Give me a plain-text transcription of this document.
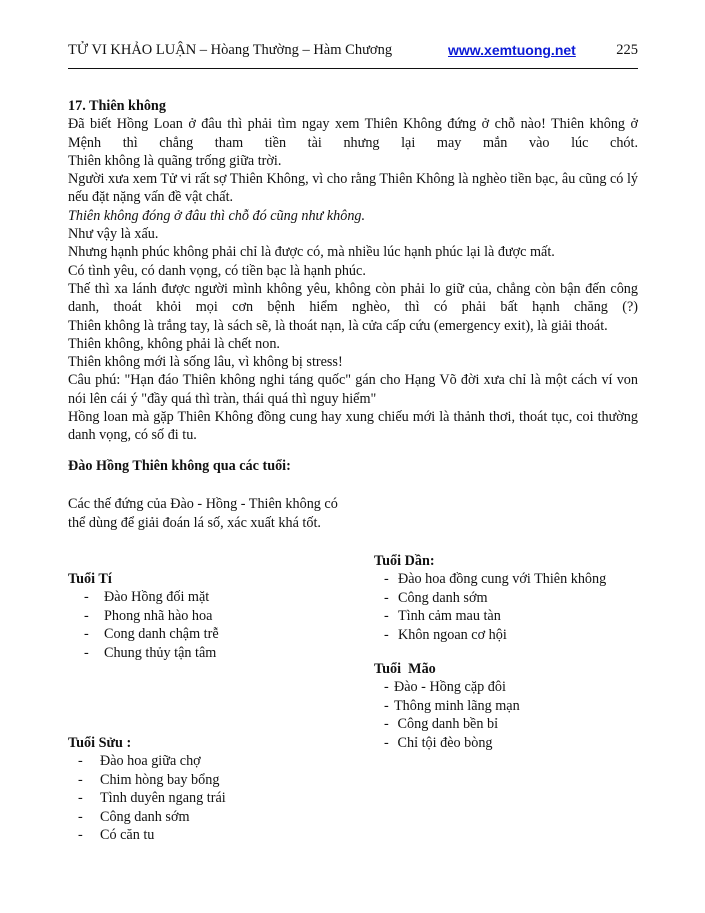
TỬ VI KHẢO LUẬN – Hòang Thường – Hàm Chương	www.xemtuong.net	225

17. Thiên không

Đã biết Hồng Loan ở đâu thì phải tìm ngay xem Thiên Không đứng ở chỗ nào! Thiên không ở

Mệnh thì chẳng tham tiền tài nhưng lại may mắn vào lúc chót.

Thiên không là quãng trống giữa trời.

Người xưa xem Tử vi rất sợ Thiên Không, vì cho rằng Thiên Không là nghèo tiền bạc, âu cũng có lý nếu đặt nặng vấn đề vật chất.

Thiên không đóng ở đâu thì chỗ đó cũng như không.

Như vậy là xấu.

Nhưng hạnh phúc không phải chỉ là được có, mà nhiều lúc hạnh phúc lại là được mất.

Có tình yêu, có danh vọng, có tiền bạc là hạnh phúc.

Thế thì xa lánh được người mình không yêu, không còn phải lo giữ của, chẳng còn bận đến công

danh, thoát khỏi mọi cơn bệnh hiểm nghèo, thì có phải bất hạnh chăng (?)

Thiên không là trắng tay, là sách sẽ, là thoát nạn, là cửa cấp cứu (emergency exit), là giải thoát.

Thiên không, không phải là chết non.

Thiên không mới là sống lâu, vì không bị stress!

Câu phú: "Hạn đáo Thiên không nghi táng quốc" gán cho Hạng Võ đời xưa chỉ là một cách ví von nói lên cái ý "đầy quá thì tràn, thái quá thì nguy hiểm"

Hồng loan mà gặp Thiên Không đồng cung hay xung chiếu mới là thảnh thơi, thoát tục, coi thường danh vọng, có số đi tu.

Đào Hồng Thiên không qua các tuổi:
Các thế đứng của Đào - Hồng - Thiên không có thể dùng để giải đoán lá số, xác xuất khá tốt.
Tuổi Tí
- Đào Hồng đối mặt
- Phong nhã hào hoa
- Cong danh chậm trễ
- Chung thủy tận tâm
Tuổi Sửu :
- Đào hoa giữa chợ
- Chim hòng bay bổng
- Tình duyên ngang trái
- Công danh sớm
- Có căn tu
Tuổi Dần:
- Đào hoa đồng cung với Thiên không
- Công danh sớm
- Tình cảm mau tàn
- Khôn ngoan cơ hội
Tuổi  Mão
- Đào - Hồng cặp đôi
- Thông minh lãng mạn
- Công danh bền bỉ
- Chỉ tội đèo bòng
